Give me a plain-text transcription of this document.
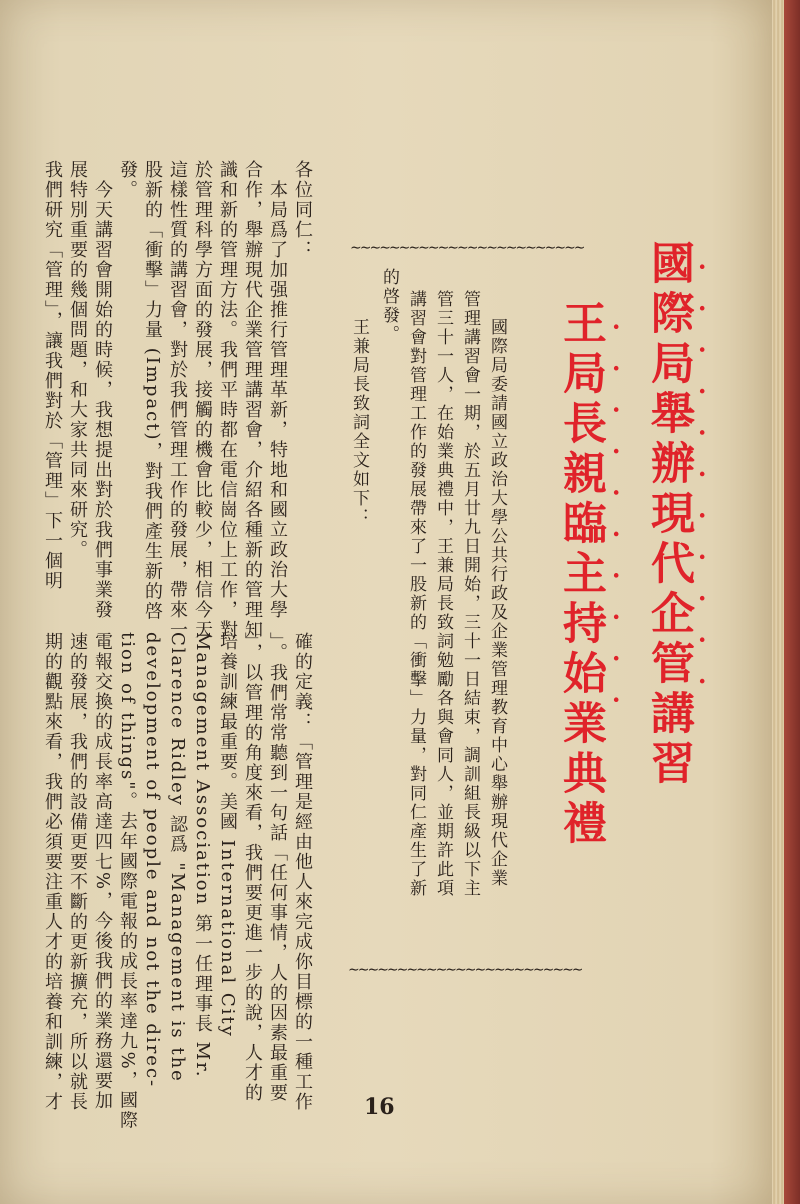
國際局舉辦現代企管講習
王局長親臨主持始業典禮	•••••••••••
••••••••••
∼∼∼∼∼∼∼∼∼∼∼∼∼∼∼∼∼∼∼∼∼∼∼∼
∼∼∼∼∼∼∼∼∼∼∼∼∼∼∼∼∼∼∼∼∼∼∼∼
國際局委請國立政治大學公共行政及企業管理教育中心舉辦現代企業
管理講習會一期，於五月廿九日開始，三十一日結束，調訓組長級以下主
管三十一人，在始業典禮中，王兼局長致詞勉勵各與會同人，並期許此項
講習會對管理工作的發展帶來了一股新的「衝擊」力量，對同仁產生了新
的啓發。
王兼局長致詞全文如下：
各位同仁：
本局爲了加强推行管理革新，特地和國立政治大學
合作，舉辦現代企業管理講習會，介紹各種新的管理知
識和新的管理方法。我們平時都在電信崗位上工作，對
於管理科學方面的發展，接觸的機會比較少，相信今天
這樣性質的講習會，對於我們管理工作的發展，帶來一
股新的「衝擊」力量 (Impact)，對我們產生新的啓
發。
今天講習會開始的時候，我想提出對於我們事業發
展特別重要的幾個問題，和大家共同來研究。
我們研究「管理」，讓我們對於「管理」下一個明
確的定義：「管理是經由他人來完成你目標的一種工作
」。我們常常聽到一句話「任何事情，人的因素最重要
」，以管理的角度來看，我們要更進一步的說，人才的
培養訓練最重要。美國 International City
Management Association 第一任理事長 Mr.
Clarence Ridley 認爲 "Management is the
development of people and not the direc-
tion of things"。去年國際電報的成長率達九%，國際
電報交換的成長率高達四七%，今後我們的業務還要加
速的發展，我們的設備更要不斷的更新擴充，所以就長
期的觀點來看，我們必須要注重人才的培養和訓練，才	16
